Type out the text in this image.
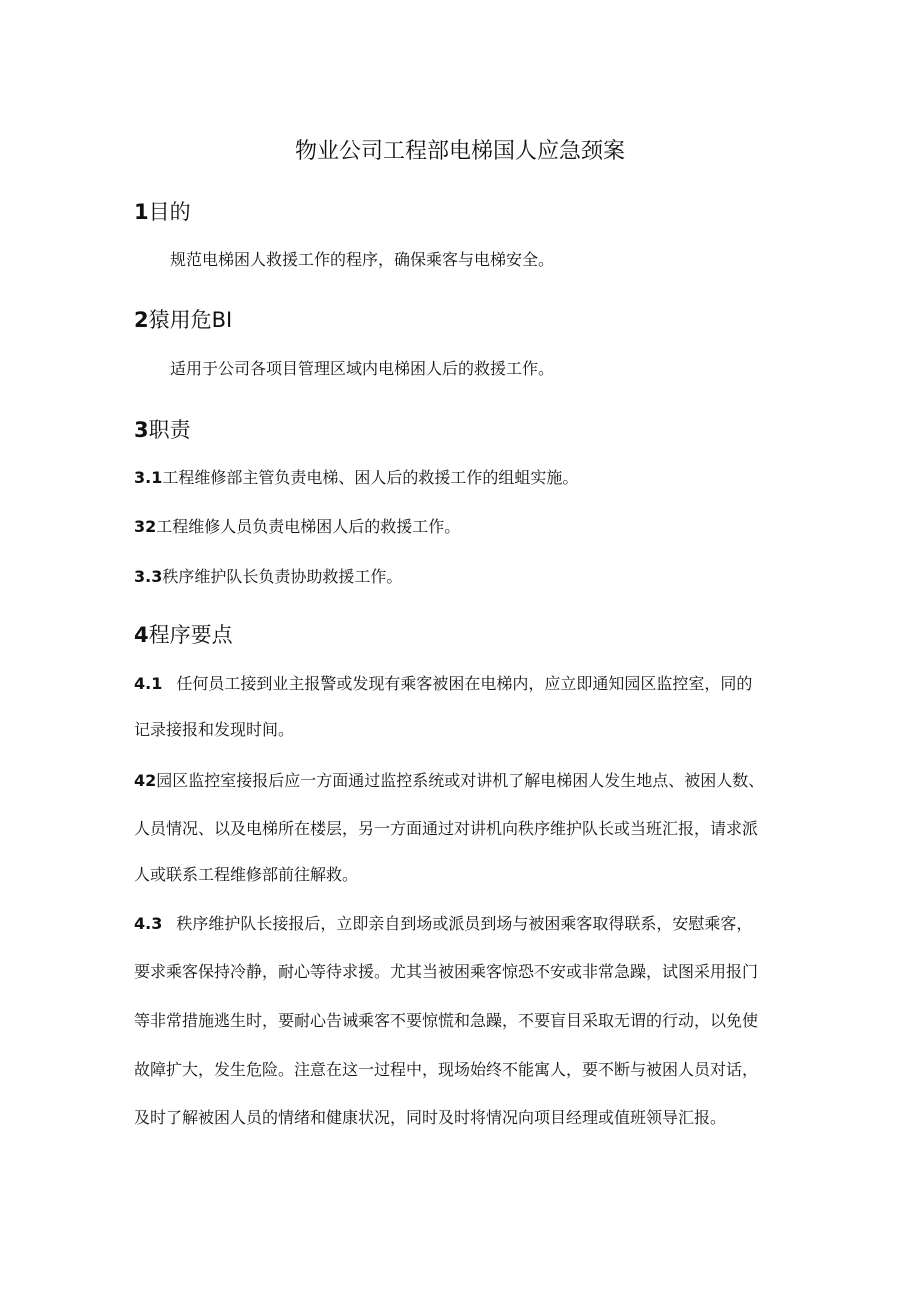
物业公司工程部电梯国人应急颈案

1目的

规范电梯困人救援工作的程序，确保乘客与电梯安全。

2猿用危BI

适用于公司各项目管理区域内电梯困人后的救援工作。

3职责

3.1工程维修部主管负责电梯、困人后的救援工作的组蛆实施。

32工程维修人员负责电梯困人后的救援工作。

3.3秩序维护队长负责协助救援工作。

4程序要点

4.1 任何员工接到业主报警或发现有乘客被困在电梯内，应立即通知园区监控室，同的

记录接报和发现时间。

42园区监控室接报后应一方面通过监控系统或对讲机了解电梯困人发生地点、被困人数、

人员情况、以及电梯所在楼层，另一方面通过对讲机向秩序维护队长或当班汇报，请求派

人或联系工程维修部前往解救。

4.3 秩序维护队长接报后，立即亲自到场或派员到场与被困乘客取得联系，安慰乘客，

要求乘客保持冷静，耐心等待求援。尤其当被困乘客惊恐不安或非常急躁，试图采用报门

等非常措施逃生时，要耐心告诫乘客不要惊慌和急躁，不要盲目采取无谓的行动，以免使

故障扩大，发生危险。注意在这一过程中，现场始终不能寓人，要不断与被困人员对话，

及时了解被困人员的情绪和健康状况，同时及时将情况向项目经理或值班领导汇报。
